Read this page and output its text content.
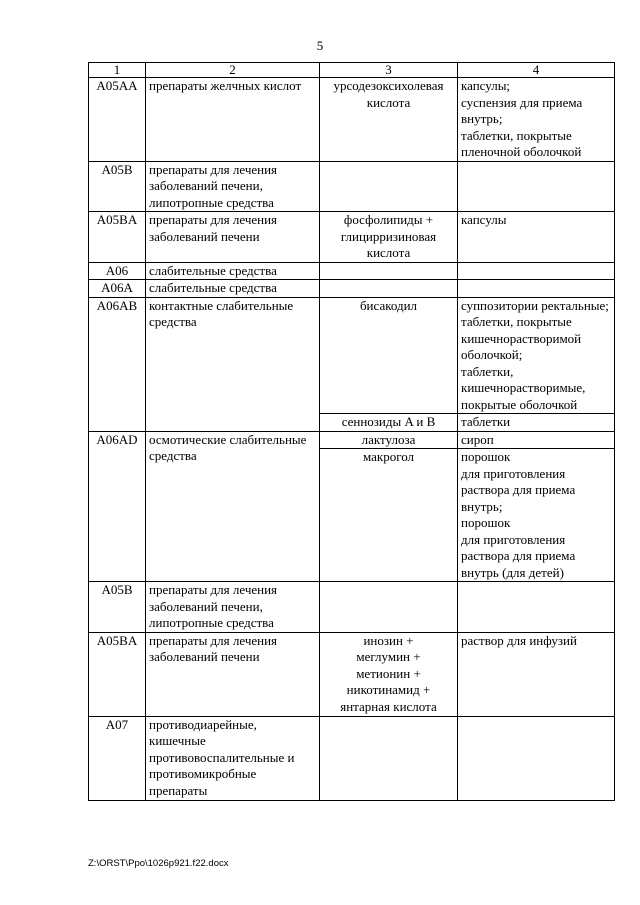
5
1	2	3	4
A05AA	препараты желчных кислот	урсодезоксихолевая кислота	капсулы;
суспензия для приема внутрь;
таблетки, покрытые пленочной оболочкой
A05B	препараты для лечения заболеваний печени, липотропные средства		
A05BA	препараты для лечения заболеваний печени	фосфолипиды + глицирризиновая кислота	капсулы
A06	слабительные средства		
A06A	слабительные средства		
A06AB	контактные слабительные средства	бисакодил	суппозитории ректальные;
таблетки, покрытые кишечнорастворимой оболочкой;
таблетки, кишечнорастворимые, покрытые оболочкой
		сеннозиды A и B	таблетки
A06AD	осмотические слабительные средства	лактулоза	сироп
		макрогол	порошок
для приготовления раствора для приема внутрь;
порошок
для приготовления раствора для приема внутрь (для детей)
A05B	препараты для лечения заболеваний печени, липотропные средства		
A05BA	препараты для лечения заболеваний печени	инозин +
меглумин +
метионин +
никотинамид +
янтарная кислота	раствор для инфузий
A07	противодиарейные, кишечные противовоспалительные и противомикробные препараты		
Z:\ORST\Ppo\1026p921.f22.docx
